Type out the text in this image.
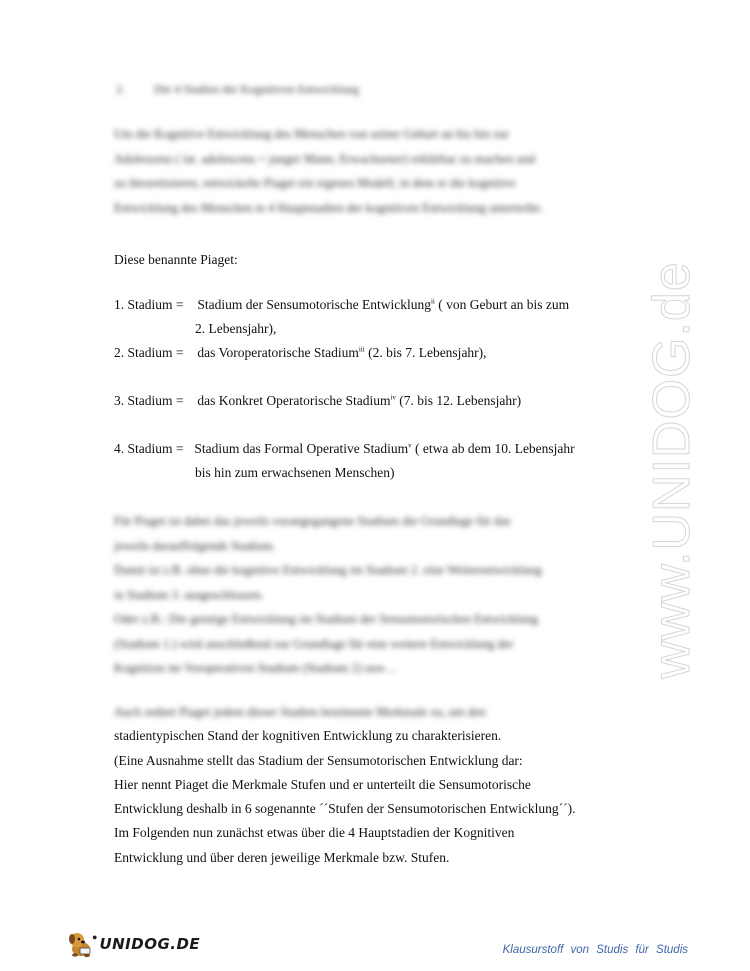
www.UNIDOG.de
2. Die 4 Stadien der Kognitiven Entwicklung

Um die Kognitive Entwicklung des Menschen von seiner Geburt an bis hin zur

Adoleszenz ( lat. adolescens = junger Mann, Erwachsener) erklärbar zu machen und

zu theoretisieren, entwickelte Piaget ein eigenes Modell, in dem er die kognitive

Entwicklung des Menschen in 4 Hauptstadien der kognitiven Entwicklung unterteilte.

Diese benannte Piaget:
1. Stadium = Stadium der Sensumotorische Entwicklung$^{ii}$ ( von Geburt an bis zum
2. Lebensjahr),
2. Stadium = das Voroperatorische Stadium$^{iii}$ (2. bis 7. Lebensjahr),
3. Stadium = das Konkret Operatorische Stadium$^{iv}$ (7. bis 12. Lebensjahr)
4. Stadium = Stadium das Formal Operative Stadium$^v$ ( etwa ab dem 10. Lebensjahr
bis hin zum erwachsenen Menschen)

Für Piaget ist dabei das jeweils vorangegangene Stadium die Grundlage für das

jeweils darauffolgende Stadium.

Damit ist z.B. ohne die kognitive Entwicklung im Stadium 2. eine Weiterentwicklung

in Stadium 3. ausgeschlossen.

Oder z.B.: Die geistige Entwicklung im Stadium der Sensumotorischen Entwicklung

(Stadium 1.) wird anschließend zur Grundlage für eine weitere Entwicklung der

Kognition im Voroperativen Stadium (Stadium 2) usw…

Auch ordnet Piaget jedem dieser Stadien bestimmte Merkmale zu, um den

stadientypischen Stand der kognitiven Entwicklung zu charakterisieren.

(Eine Ausnahme stellt das Stadium der Sensumotorischen Entwicklung dar:

Hier nennt Piaget die Merkmale Stufen und er unterteilt die Sensumotorische

Entwicklung deshalb in 6 sogenannte ´´Stufen der Sensumotorischen Entwicklung´´).

Im Folgenden nun zunächst etwas über die 4 Hauptstadien der Kognitiven

Entwicklung und über deren jeweilige Merkmale bzw. Stufen.

● UNIDOG.DE	Klausurstoff von Studis für Studis
